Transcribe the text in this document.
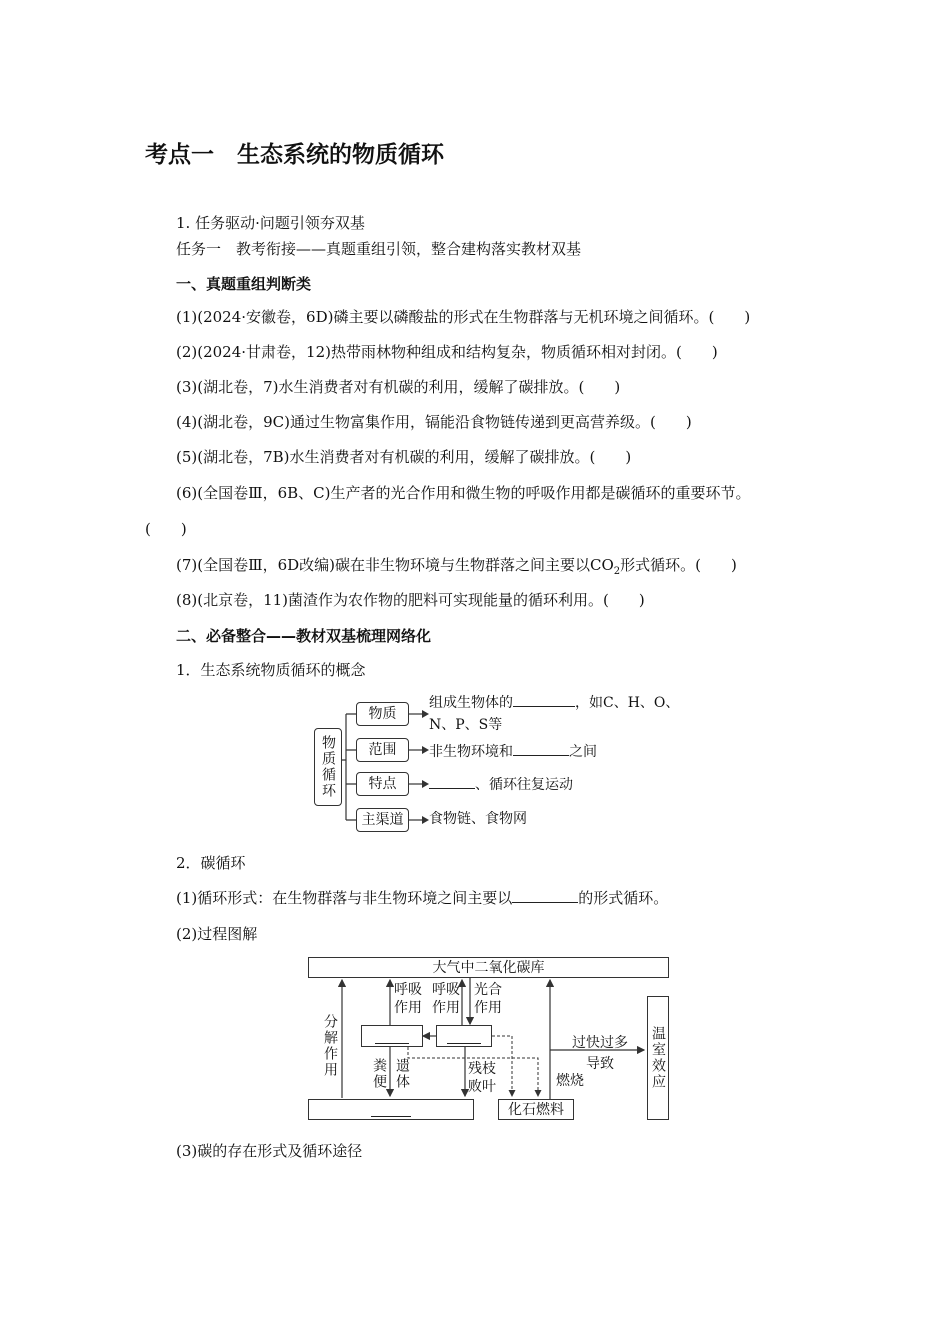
考点一　生态系统的物质循环
1. 任务驱动·问题引领夯双基
任务一　教考衔接——真题重组引领，整合建构落实教材双基
一、真题重组判断类
(1)(2024·安徽卷，6D)磷主要以磷酸盐的形式在生物群落与无机环境之间循环。(　　)
(2)(2024·甘肃卷，12)热带雨林物种组成和结构复杂，物质循环相对封闭。(　　)
(3)(湖北卷，7)水生消费者对有机碳的利用，缓解了碳排放。(　　)
(4)(湖北卷，9C)通过生物富集作用，镉能沿食物链传递到更高营养级。(　　)
(5)(湖北卷，7B)水生消费者对有机碳的利用，缓解了碳排放。(　　)
(6)(全国卷Ⅲ，6B、C)生产者的光合作用和微生物的呼吸作用都是碳循环的重要环节。
(　　)
(7)(全国卷Ⅲ，6D改编)碳在非生物环境与生物群落之间主要以$CO_2$形式循环。(　　)
(8)(北京卷，11)菌渣作为农作物的肥料可实现能量的循环利用。(　　)
二、必备整合——教材双基梳理网络化
1．生态系统物质循环的概念
物质循环
物质
范围
特点
主渠道
组成生物体的	，如C、H、O、
N、P、S等
非生物环境和	之间
、循环往复运动
食物链、食物网
2．碳循环
(1)循环形式：在生物群落与非生物环境之间主要以	的形式循环。
(2)过程图解
大气中二氧化碳库
化石燃料
温室效应
分解作用
呼吸作用
呼吸作用
光合作用
粪便 遗体	残枝败叶	燃烧
过快过多
导致
(3)碳的存在形式及循环途径
